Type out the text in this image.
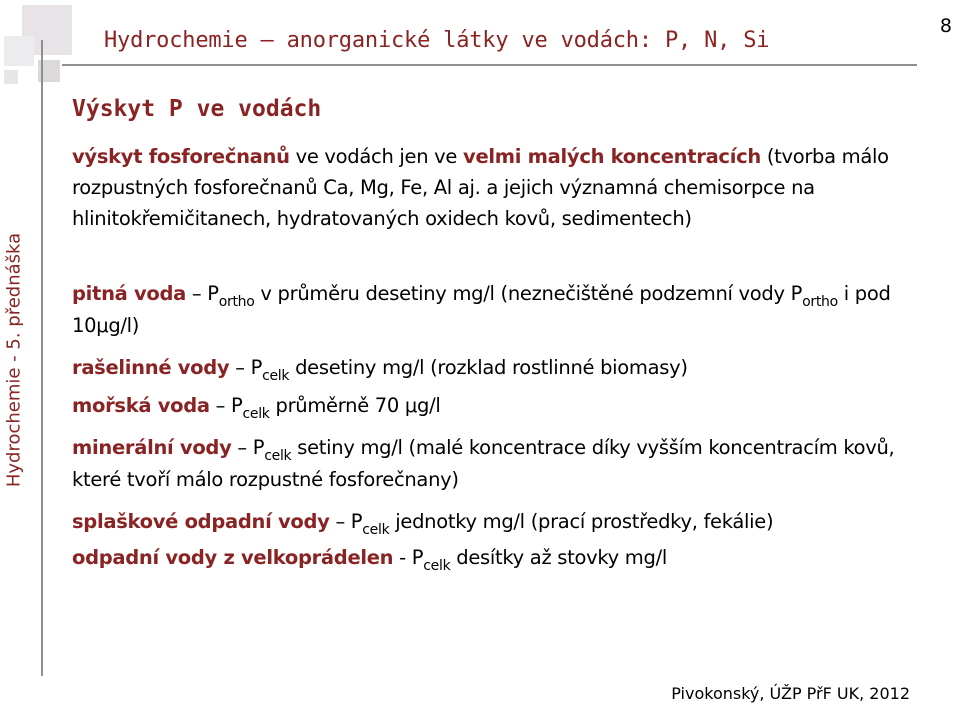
Hydrochemie – anorganické látky ve vodách: P, N, Si
8
Hydrochemie - 5. přednáška
Výskyt P ve vodách

výskyt fosforečnanů ve vodách jen ve velmi malých koncentracích (tvorba málo rozpustných fosforečnanů Ca, Mg, Fe, Al aj. a jejich významná chemisorpce na hlinitokřemičitanech, hydratovaných oxidech kovů, sedimentech)

pitná voda – $P_{ortho}$ v průměru desetiny mg/l (neznečištěné podzemní vody $P_{ortho}$ i pod 10μg/l)

rašelinné vody – $P_{celk}$ desetiny mg/l (rozklad rostlinné biomasy)

mořská voda – $P_{celk}$ průměrně 70 μg/l

minerální vody – $P_{celk}$ setiny mg/l (malé koncentrace díky vyšším koncentracím kovů, které tvoří málo rozpustné fosforečnany)

splaškové odpadní vody – $P_{celk}$ jednotky mg/l (prací prostředky, fekálie)

odpadní vody z velkoprádelen - $P_{celk}$ desítky až stovky mg/l

Pivokonský, ÚŽP PřF UK, 2012
